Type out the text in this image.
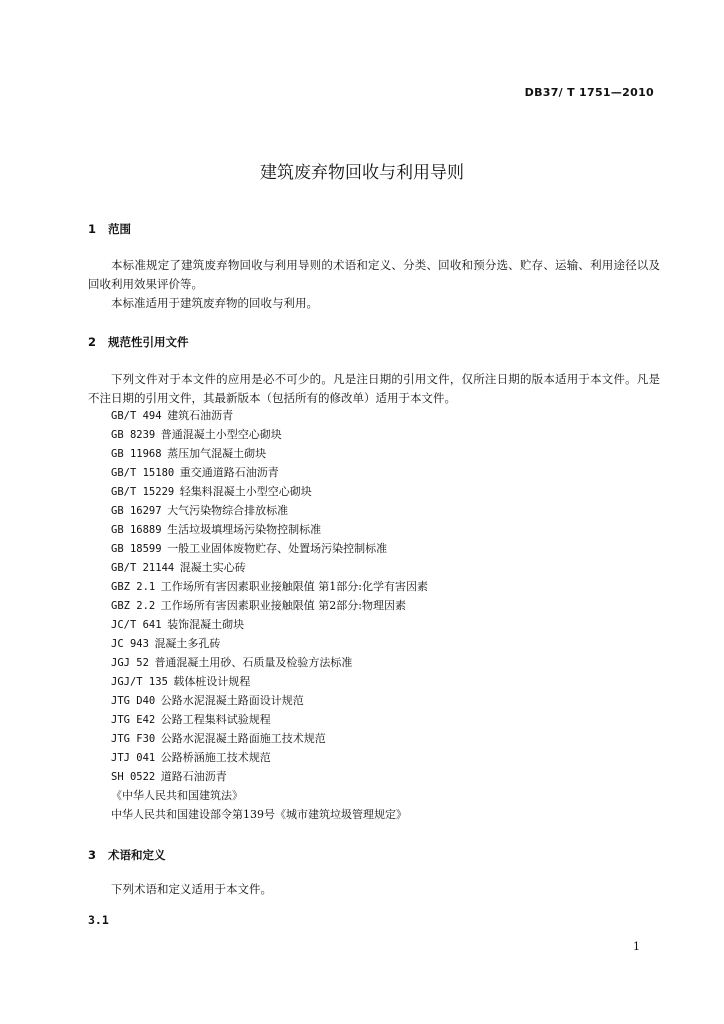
DB37/ T 1751—2010
建筑废弃物回收与利用导则
1 范围

本标准规定了建筑废弃物回收与利用导则的术语和定义、分类、回收和预分选、贮存、运输、利用途径以及回收利用效果评价等。

本标准适用于建筑废弃物的回收与利用。

2 规范性引用文件

下列文件对于本文件的应用是必不可少的。凡是注日期的引用文件，仅所注日期的版本适用于本文件。凡是不注日期的引用文件，其最新版本（包括所有的修改单）适用于本文件。

GB/T 494  建筑石油沥青
GB 8239  普通混凝土小型空心砌块
GB 11968  蒸压加气混凝土砌块
GB/T 15180  重交通道路石油沥青
GB/T 15229  轻集料混凝土小型空心砌块
GB 16297  大气污染物综合排放标准
GB 16889  生活垃圾填埋场污染物控制标准
GB 18599  一般工业固体废物贮存、处置场污染控制标准
GB/T 21144  混凝土实心砖
GBZ 2.1  工作场所有害因素职业接触限值 第1部分:化学有害因素
GBZ 2.2  工作场所有害因素职业接触限值 第2部分:物理因素
JC/T 641  装饰混凝土砌块
JC 943  混凝土多孔砖
JGJ 52  普通混凝土用砂、石质量及检验方法标准
JGJ/T 135  载体桩设计规程
JTG D40  公路水泥混凝土路面设计规范
JTG E42  公路工程集料试验规程
JTG F30  公路水泥混凝土路面施工技术规范
JTJ 041  公路桥涵施工技术规范
SH 0522  道路石油沥青
《中华人民共和国建筑法》
中华人民共和国建设部令第139号《城市建筑垃圾管理规定》
3 术语和定义

下列术语和定义适用于本文件。

3.1
1
